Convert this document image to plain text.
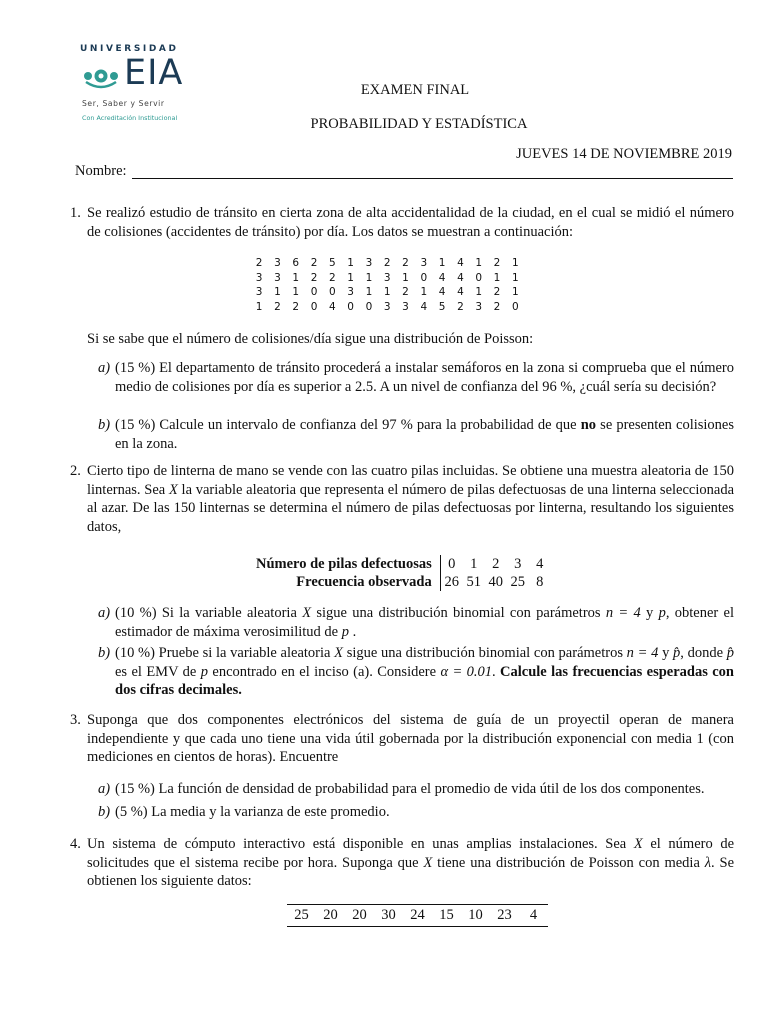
UNIVERSIDAD
EIA
Ser, Saber y Servir
Con Acreditación Institucional
EXAMEN FINAL
PROBABILIDAD Y ESTADÍSTICA
JUEVES 14 DE NOVIEMBRE 2019
Nombre:
1. Se realizó estudio de tránsito en cierta zona de alta accidentalidad de la ciudad, en el cual se midió el número de colisiones (accidentes de tránsito) por día. Los datos se muestran a continuación:
2	3	6	2	5	1	3	2	2	3	1	4	1	2	1
3	3	1	2	2	1	1	3	1	0	4	4	0	1	1
3	1	1	0	0	3	1	1	2	1	4	4	1	2	1
1	2	2	0	4	0	0	3	3	4	5	2	3	2	0
Si se sabe que el número de colisiones/día sigue una distribución de Poisson:
a) (15 %) El departamento de tránsito procederá a instalar semáforos en la zona si comprueba que el número medio de colisiones por día es superior a 2.5. A un nivel de confianza del 96 %, ¿cuál sería su decisión?
b) (15 %) Calcule un intervalo de confianza del 97 % para la probabilidad de que no se presenten colisiones en la zona.
2. Cierto tipo de linterna de mano se vende con las cuatro pilas incluidas. Se obtiene una muestra aleatoria de 150 linternas. Sea X la variable aleatoria que representa el número de pilas defectuosas de una linterna seleccionada al azar. De las 150 linternas se determina el número de pilas defectuosas por linterna, resultando los siguientes datos,
Número de pilas defectuosas	0	1	2	3	4
Frecuencia observada	26	51	40	25	8
a) (10 %) Si la variable aleatoria X sigue una distribución binomial con parámetros n = 4 y p, obtener el estimador de máxima verosimilitud de p .
b) (10 %) Pruebe si la variable aleatoria X sigue una distribución binomial con parámetros n = 4 y p̂, donde p̂ es el EMV de p encontrado en el inciso (a). Considere α = 0.01. Calcule las frecuencias esperadas con dos cifras decimales.
3. Suponga que dos componentes electrónicos del sistema de guía de un proyectil operan de manera independiente y que cada uno tiene una vida útil gobernada por la distribución exponencial con media 1 (con mediciones en cientos de horas). Encuentre
a) (15 %) La función de densidad de probabilidad para el promedio de vida útil de los dos componentes.
b) (5 %) La media y la varianza de este promedio.
4. Un sistema de cómputo interactivo está disponible en unas amplias instalaciones. Sea X el número de solicitudes que el sistema recibe por hora. Suponga que X tiene una distribución de Poisson con media λ. Se obtienen los siguiente datos:
25	20	20	30	24	15	10	23	4
